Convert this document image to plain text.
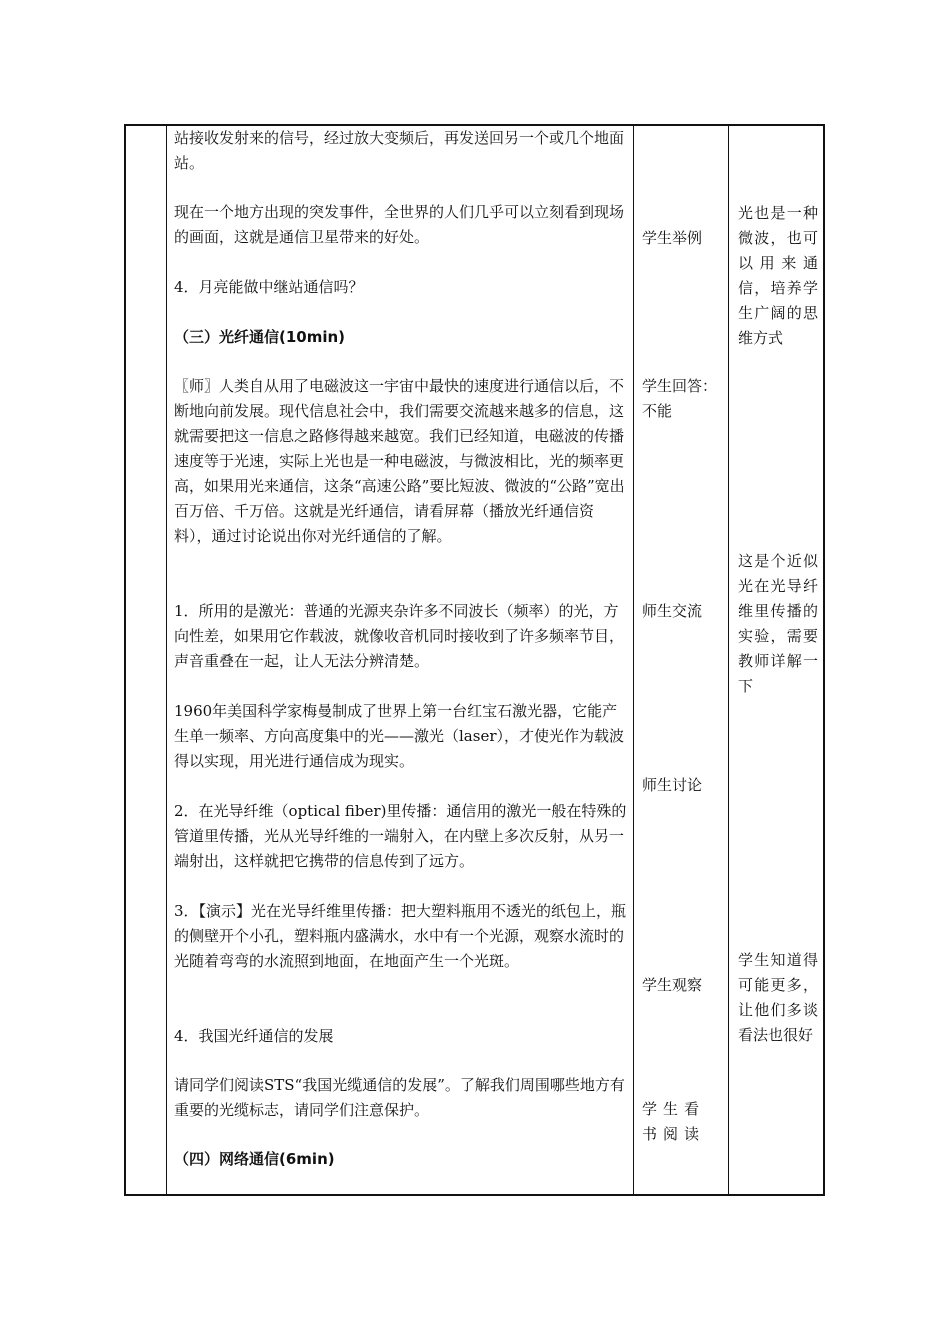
站接收发射来的信号，经过放大变频后，再发送回另一个或几个地面站。

现在一个地方出现的突发事件，全世界的人们几乎可以立刻看到现场的画面，这就是通信卫星带来的好处。

4．月亮能做中继站通信吗？

（三）光纤通信(10min)

〖师〗人类自从用了电磁波这一宇宙中最快的速度进行通信以后，不断地向前发展。现代信息社会中，我们需要交流越来越多的信息，这就需要把这一信息之路修得越来越宽。我们已经知道，电磁波的传播速度等于光速，实际上光也是一种电磁波，与微波相比，光的频率更高，如果用光来通信，这条“高速公路”要比短波、微波的“公路”宽出百万倍、千万倍。这就是光纤通信，请看屏幕（播放光纤通信资料），通过讨论说出你对光纤通信的了解。

1．所用的是激光：普通的光源夹杂许多不同波长（频率）的光，方向性差，如果用它作载波，就像收音机同时接收到了许多频率节目，声音重叠在一起，让人无法分辨清楚。

1960年美国科学家梅曼制成了世界上第一台红宝石激光器，它能产生单一频率、方向高度集中的光——激光（laser），才使光作为载波得以实现，用光进行通信成为现实。

2．在光导纤维（optical fiber)里传播：通信用的激光一般在特殊的管道里传播，光从光导纤维的一端射入，在内壁上多次反射，从另一端射出，这样就把它携带的信息传到了远方。

3．【演示】光在光导纤维里传播：把大塑料瓶用不透光的纸包上，瓶的侧壁开个小孔，塑料瓶内盛满水，水中有一个光源，观察水流时的光随着弯弯的水流照到地面，在地面产生一个光斑。

4．我国光纤通信的发展

请同学们阅读STS“我国光缆通信的发展”。了解我们周围哪些地方有重要的光缆标志，请同学们注意保护。

（四）网络通信(6min)

学生举例

学生回答：不能

师生交流

师生讨论

学生观察

学生看书阅读

光也是一种微波，也可以用来通信，培养学生广阔的思维方式

这是个近似光在光导纤维里传播的实验，需要教师详解一下

学生知道得可能更多，让他们多谈看法也很好
